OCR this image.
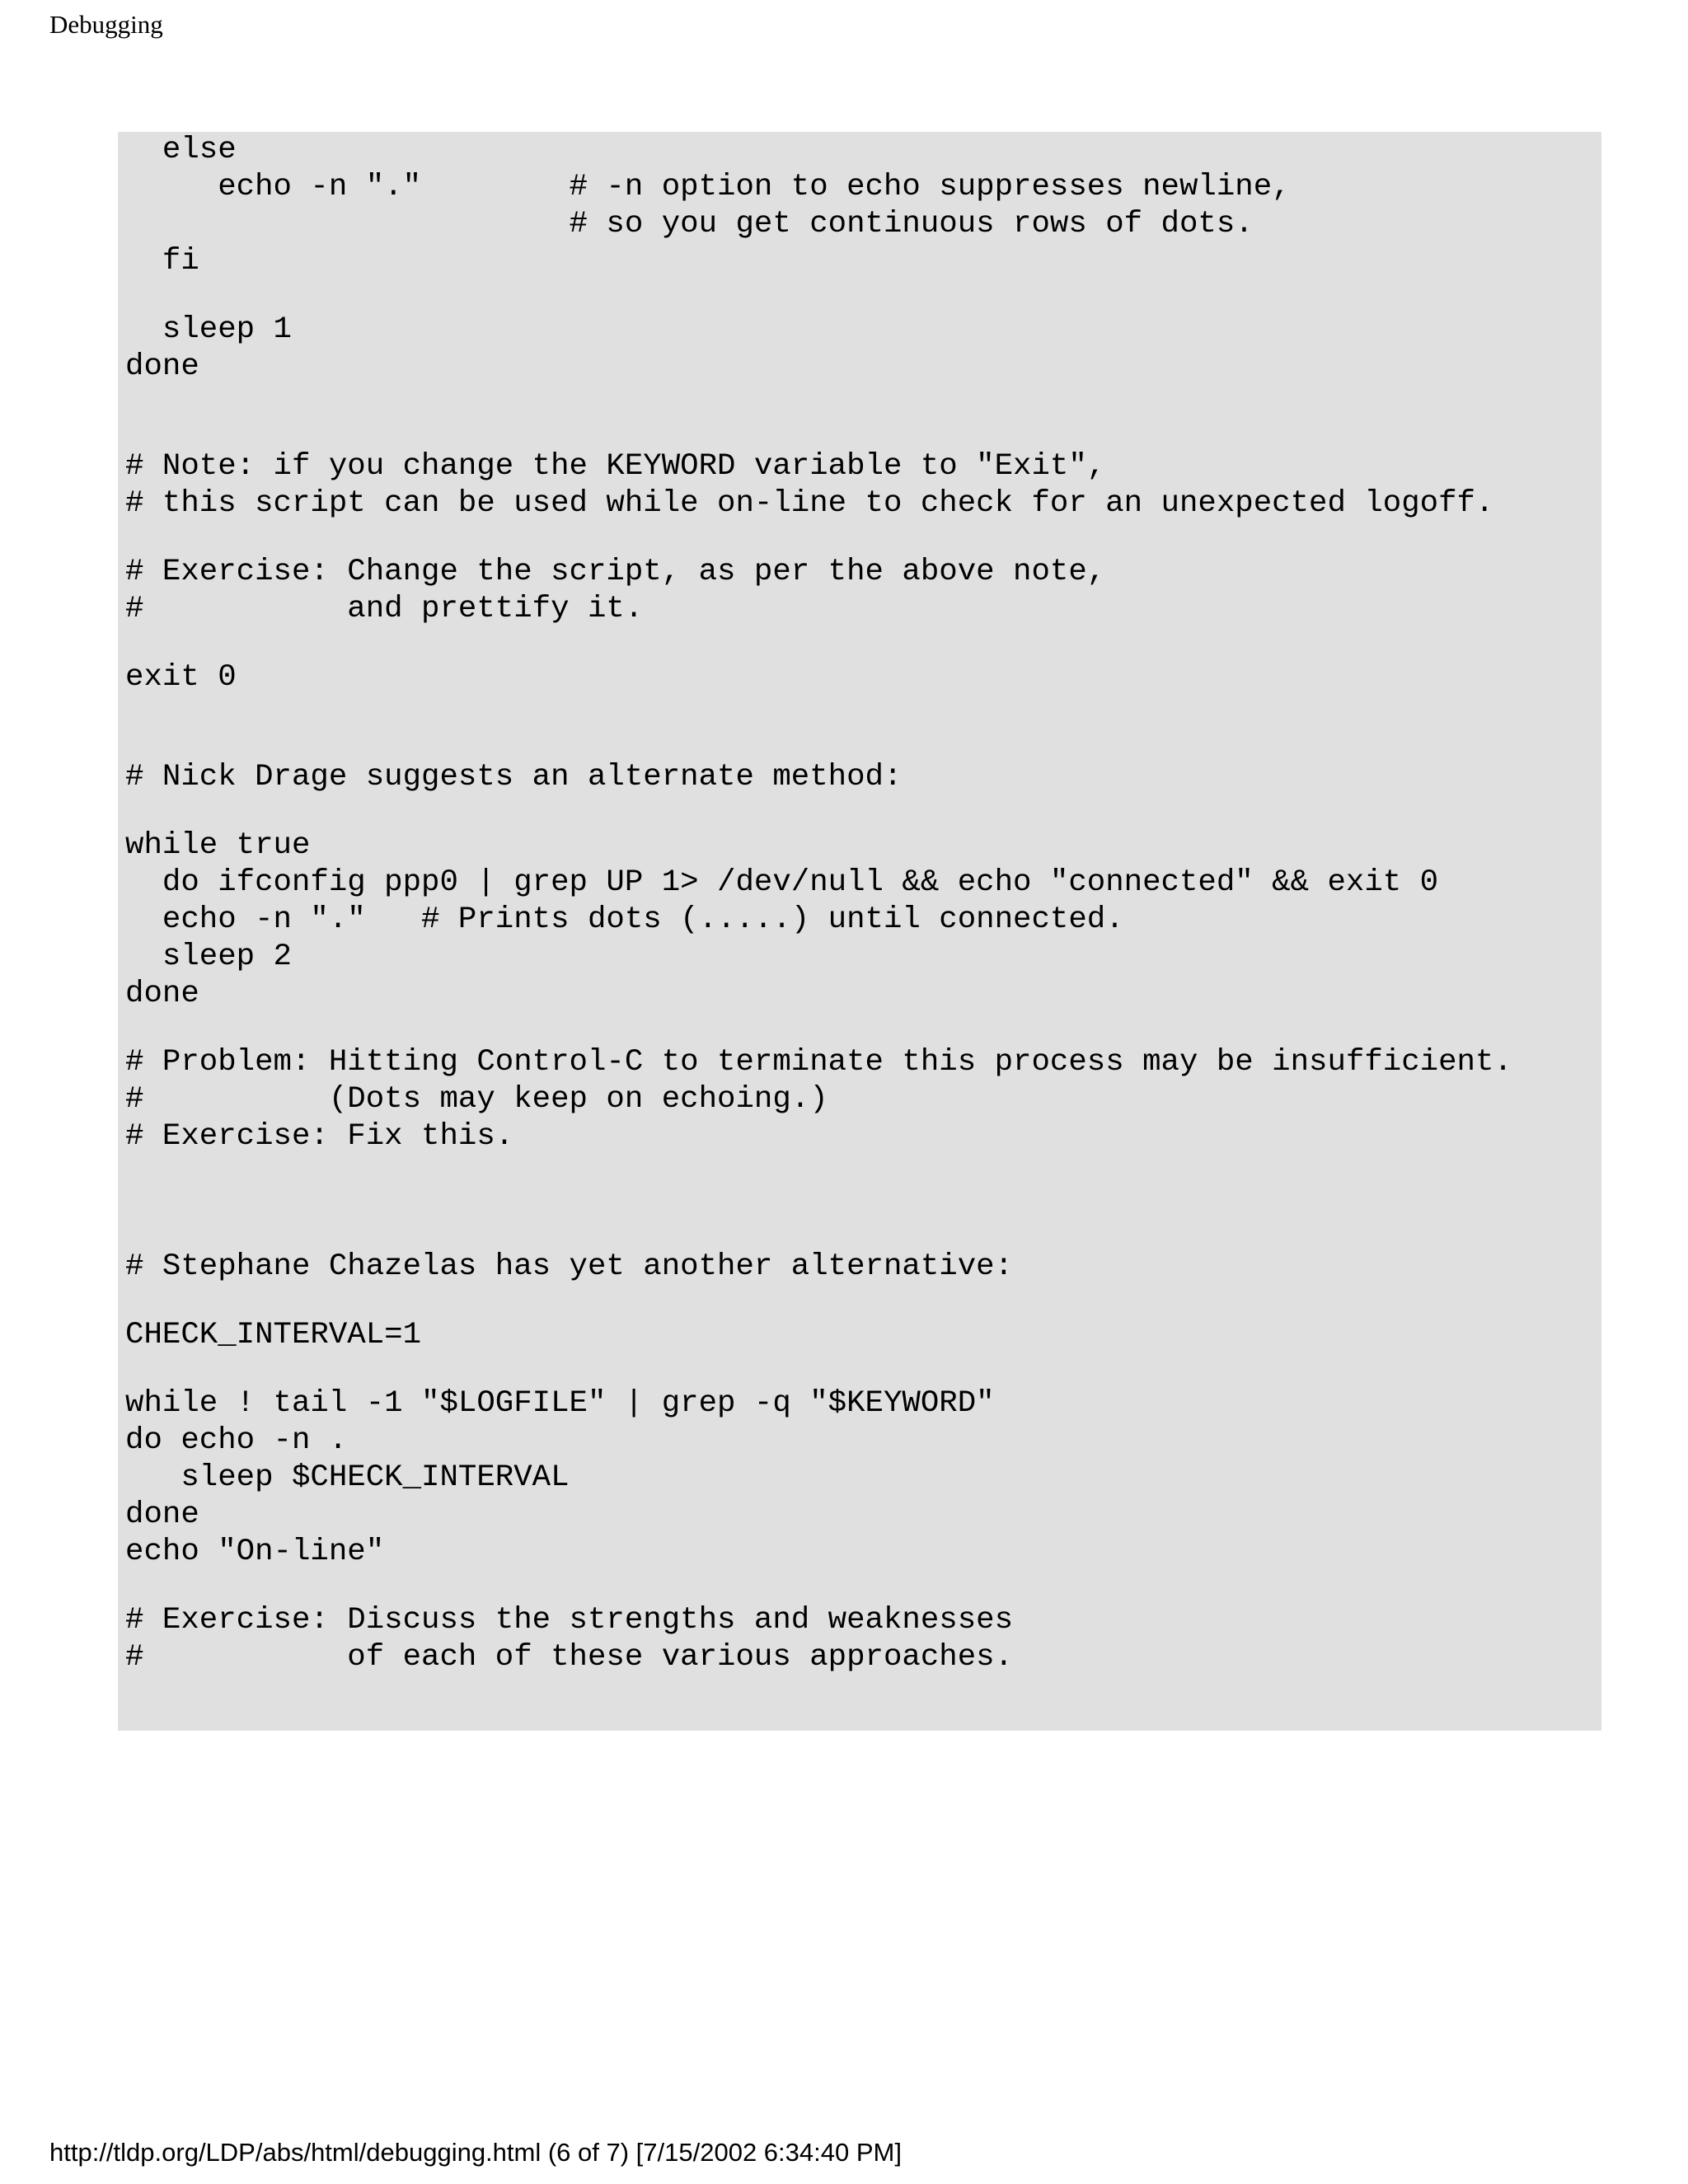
Debugging
else
echo -n "."        # -n option to echo suppresses newline,
# so you get continuous rows of dots.
fi
sleep 1
done
# Note: if you change the KEYWORD variable to "Exit",
# this script can be used while on-line to check for an unexpected logoff.
# Exercise: Change the script, as per the above note,
#           and prettify it.
exit 0
# Nick Drage suggests an alternate method:
while true
do ifconfig ppp0 | grep UP 1> /dev/null && echo "connected" && exit 0
echo -n "."   # Prints dots (.....) until connected.
sleep 2
done
# Problem: Hitting Control-C to terminate this process may be insufficient.
#          (Dots may keep on echoing.)
# Exercise: Fix this.
# Stephane Chazelas has yet another alternative:
CHECK_INTERVAL=1
while ! tail -1 "$LOGFILE" | grep -q "$KEYWORD"
do echo -n .
sleep $CHECK_INTERVAL
done
echo "On-line"
# Exercise: Discuss the strengths and weaknesses
#           of each of these various approaches.
http://tldp.org/LDP/abs/html/debugging.html (6 of 7) [7/15/2002 6:34:40 PM]
